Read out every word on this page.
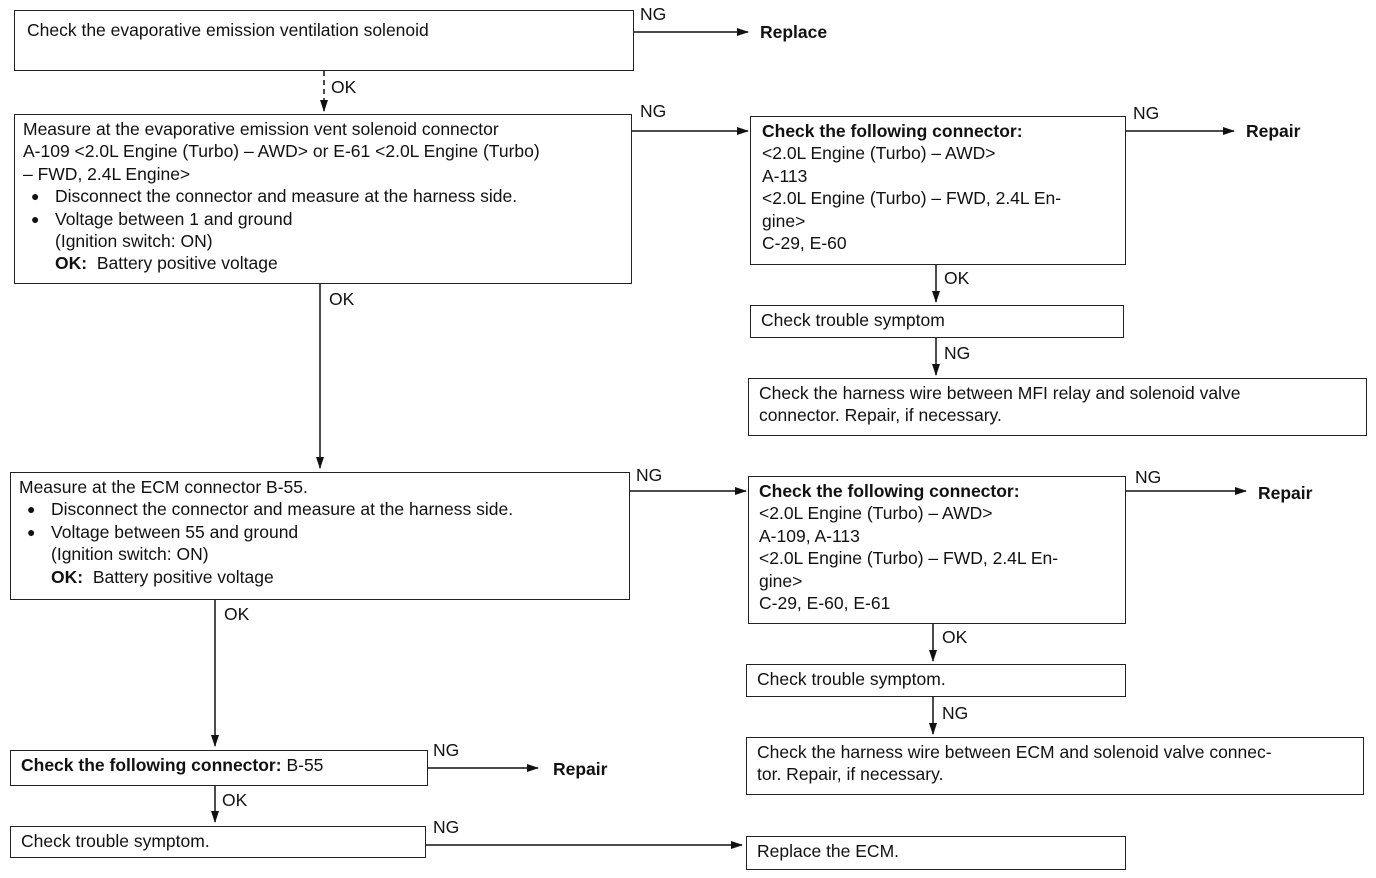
Check the evaporative emission ventilation solenoid
NG
Replace
OK
Measure at the evaporative emission vent solenoid connector
A-109 <2.0L Engine (Turbo) – AWD> or E-61 <2.0L Engine (Turbo)
– FWD, 2.4L Engine>
● Disconnect the connector and measure at the harness side.
● Voltage between 1 and ground
(Ignition switch: ON)
OK: Battery positive voltage
NG
OK
Check the following connector:
<2.0L Engine (Turbo) – AWD>
A-113
<2.0L Engine (Turbo) – FWD, 2.4L En-
gine>
C-29, E-60
NG
Repair
OK
Check trouble symptom
NG
Check the harness wire between MFI relay and solenoid valve
connector. Repair, if necessary.
Measure at the ECM connector B-55.
● Disconnect the connector and measure at the harness side.
● Voltage between 55 and ground
(Ignition switch: ON)
OK: Battery positive voltage
NG
OK
Check the following connector:
<2.0L Engine (Turbo) – AWD>
A-109, A-113
<2.0L Engine (Turbo) – FWD, 2.4L En-
gine>
C-29, E-60, E-61
NG
Repair
OK
Check trouble symptom.
NG
Check the harness wire between ECM and solenoid valve connec-
tor. Repair, if necessary.
Check the following connector: B-55
NG
Repair
OK
Check trouble symptom.
NG
Replace the ECM.
